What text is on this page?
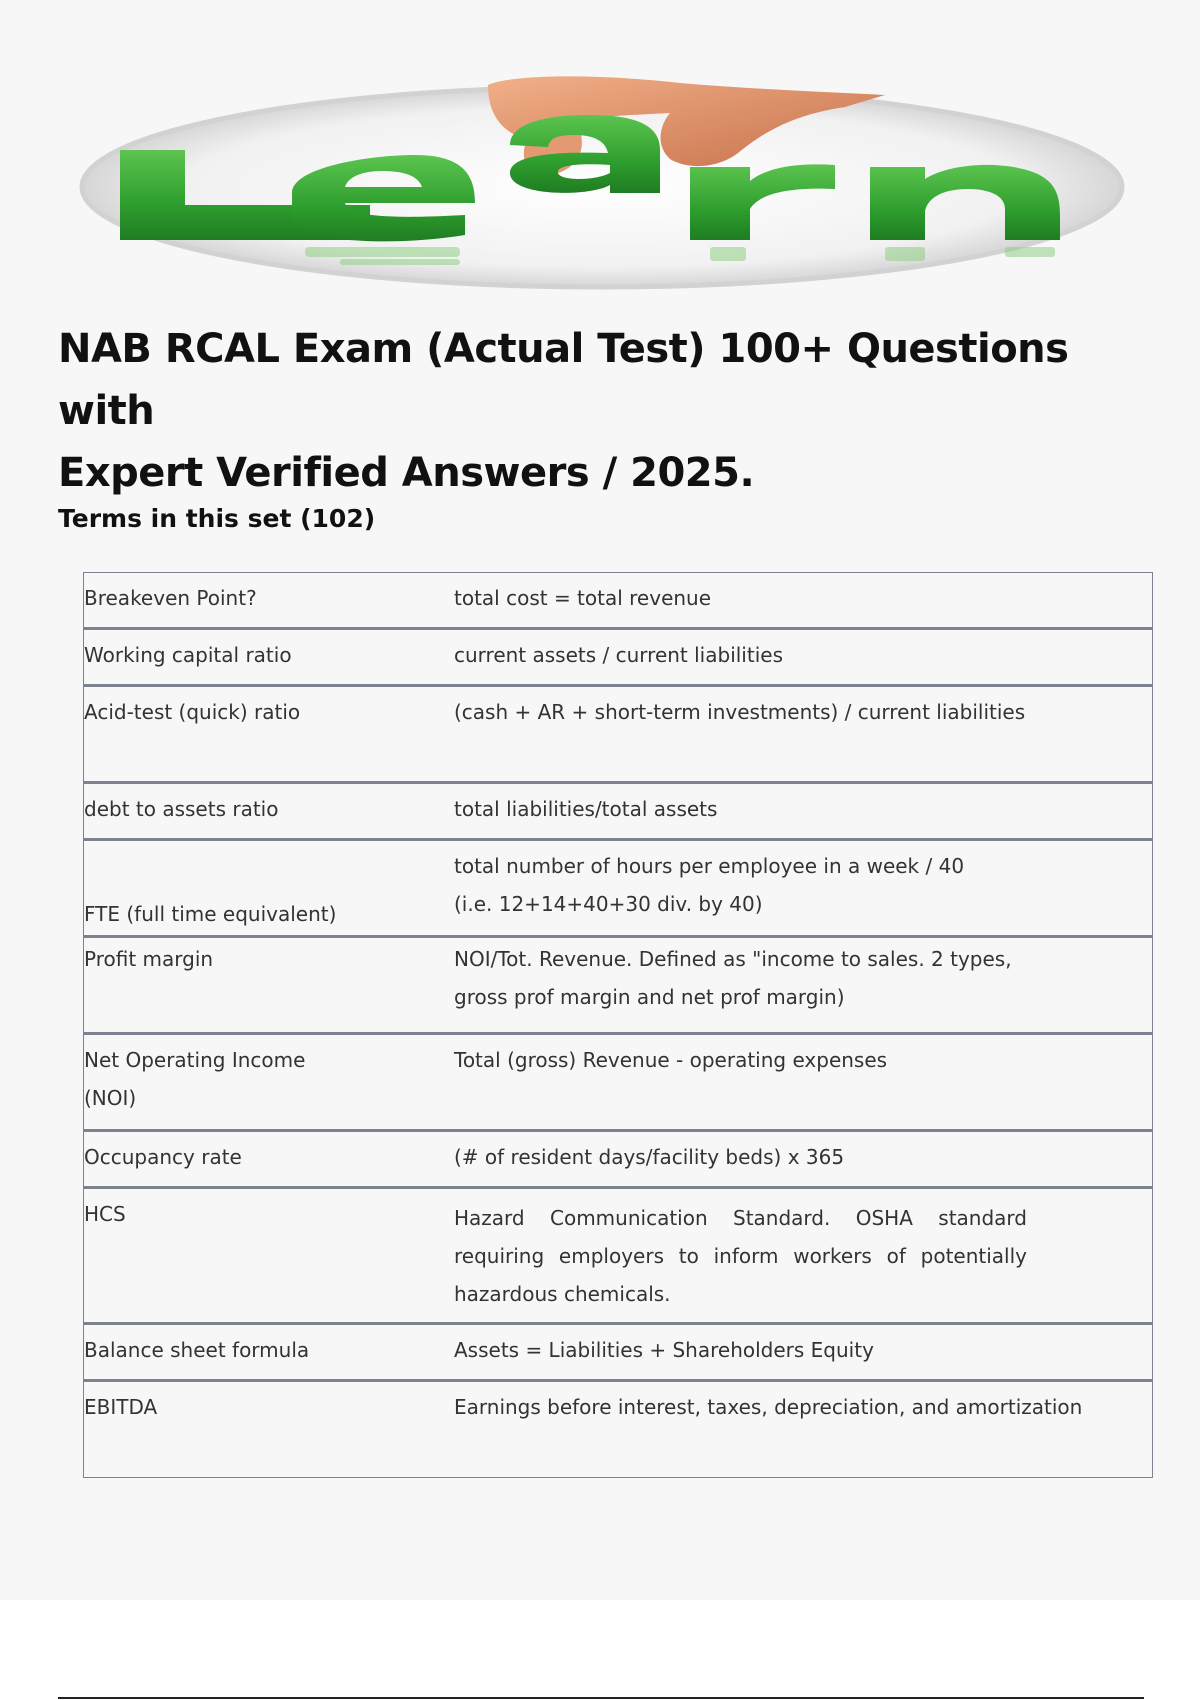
NAB RCAL Exam (Actual Test) 100+ Questions with
Expert Verified Answers / 2025.
Terms in this set (102)
Breakeven Point?	total cost = total revenue
Working capital ratio	current assets / current liabilities
Acid-test (quick) ratio	(cash + AR + short-term investments) / current liabilities
debt to assets ratio	total liabilities/total assets
FTE (full time equivalent)	total number of hours per employee in a week / 40
(i.e. 12+14+40+30 div. by 40)
Profit margin	NOI/Tot. Revenue. Defined as "income to sales. 2 types,
gross prof margin and net prof margin)
Net Operating Income
(NOI)	Total (gross) Revenue - operating expenses
Occupancy rate	(# of resident days/facility beds) x 365
HCS	Hazard Communication Standard. OSHA standard requiring employers to inform workers of potentially hazardous chemicals.
Balance sheet formula	Assets = Liabilities + Shareholders Equity
EBITDA	Earnings before interest, taxes, depreciation, and amortization
